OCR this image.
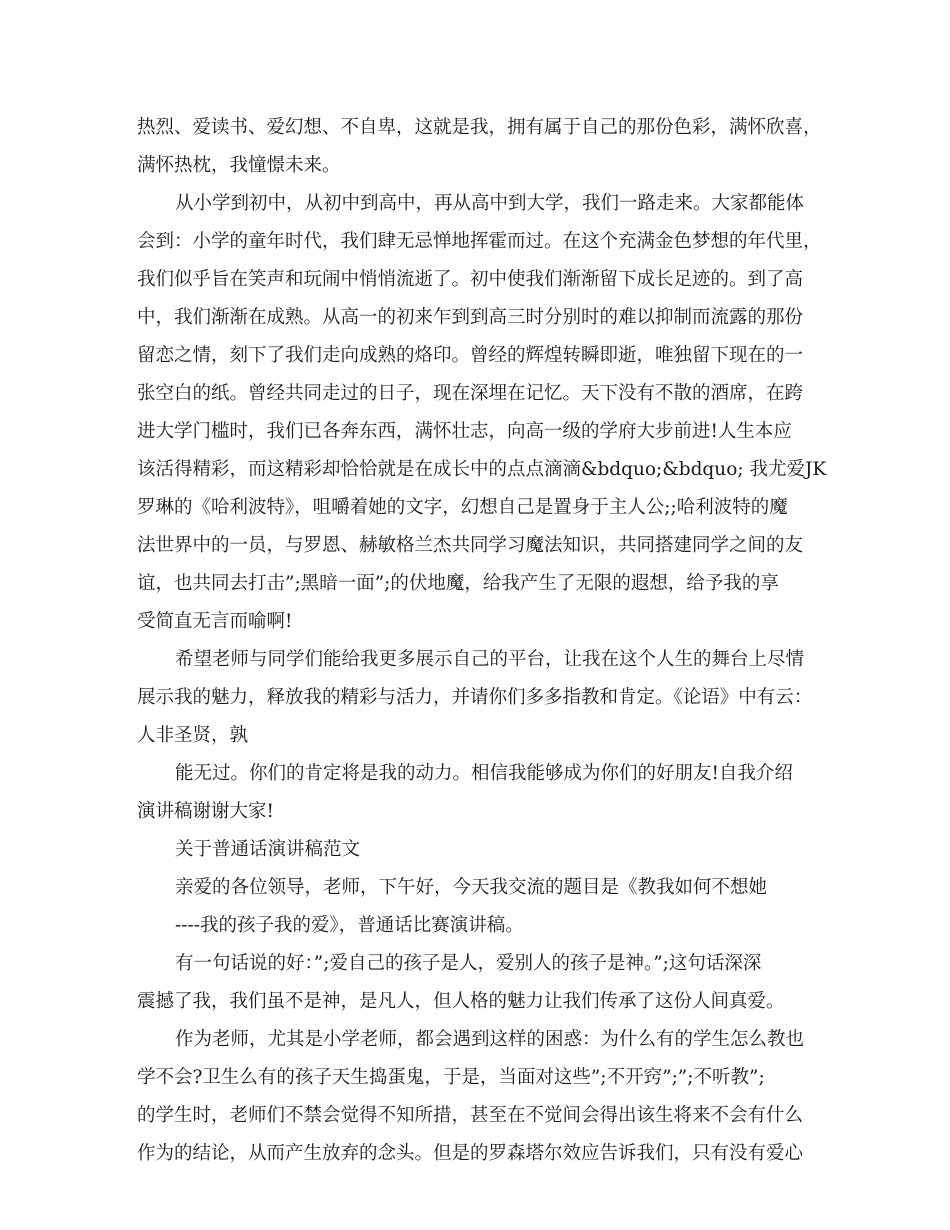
热烈、爱读书、爱幻想、不自卑，这就是我，拥有属于自己的那份色彩，满怀欣喜，
满怀热枕，我憧憬未来。
从小学到初中，从初中到高中，再从高中到大学，我们一路走来。大家都能体
会到：小学的童年时代，我们肆无忌惮地挥霍而过。在这个充满金色梦想的年代里，
我们似乎旨在笑声和玩闹中悄悄流逝了。初中使我们渐渐留下成长足迹的。到了高
中，我们渐渐在成熟。从高一的初来乍到到高三时分别时的难以抑制而流露的那份
留恋之情，刻下了我们走向成熟的烙印。曾经的辉煌转瞬即逝，唯独留下现在的一
张空白的纸。曾经共同走过的日子，现在深埋在记忆。天下没有不散的酒席，在跨
进大学门槛时，我们已各奔东西，满怀壮志，向高一级的学府大步前进!人生本应
该活得精彩，而这精彩却恰恰就是在成长中的点点滴滴&bdquo;&bdquo; 我尤爱JK
罗琳的《哈利波特》，咀嚼着她的文字，幻想自己是置身于主人公;;哈利波特的魔
法世界中的一员，与罗恩、赫敏格兰杰共同学习魔法知识，共同搭建同学之间的友
谊，也共同去打击”;黑暗一面”;的伏地魔，给我产生了无限的遐想，给予我的享
受简直无言而喻啊!
希望老师与同学们能给我更多展示自己的平台，让我在这个人生的舞台上尽情
展示我的魅力，释放我的精彩与活力，并请你们多多指教和肯定。《论语》中有云：
人非圣贤，孰
能无过。你们的肯定将是我的动力。相信我能够成为你们的好朋友!自我介绍
演讲稿谢谢大家!
关于普通话演讲稿范文
亲爱的各位领导，老师，下午好，今天我交流的题目是《教我如何不想她
----我的孩子我的爱》，普通话比赛演讲稿。
有一句话说的好：”;爱自己的孩子是人，爱别人的孩子是神。”;这句话深深
震撼了我，我们虽不是神，是凡人，但人格的魅力让我们传承了这份人间真爱。
作为老师，尤其是小学老师，都会遇到这样的困惑：为什么有的学生怎么教也
学不会?卫生么有的孩子天生捣蛋鬼，于是，当面对这些”;不开窍”;”;不听教”;
的学生时，老师们不禁会觉得不知所措，甚至在不觉间会得出该生将来不会有什么
作为的结论，从而产生放弃的念头。但是的罗森塔尔效应告诉我们，只有没有爱心
